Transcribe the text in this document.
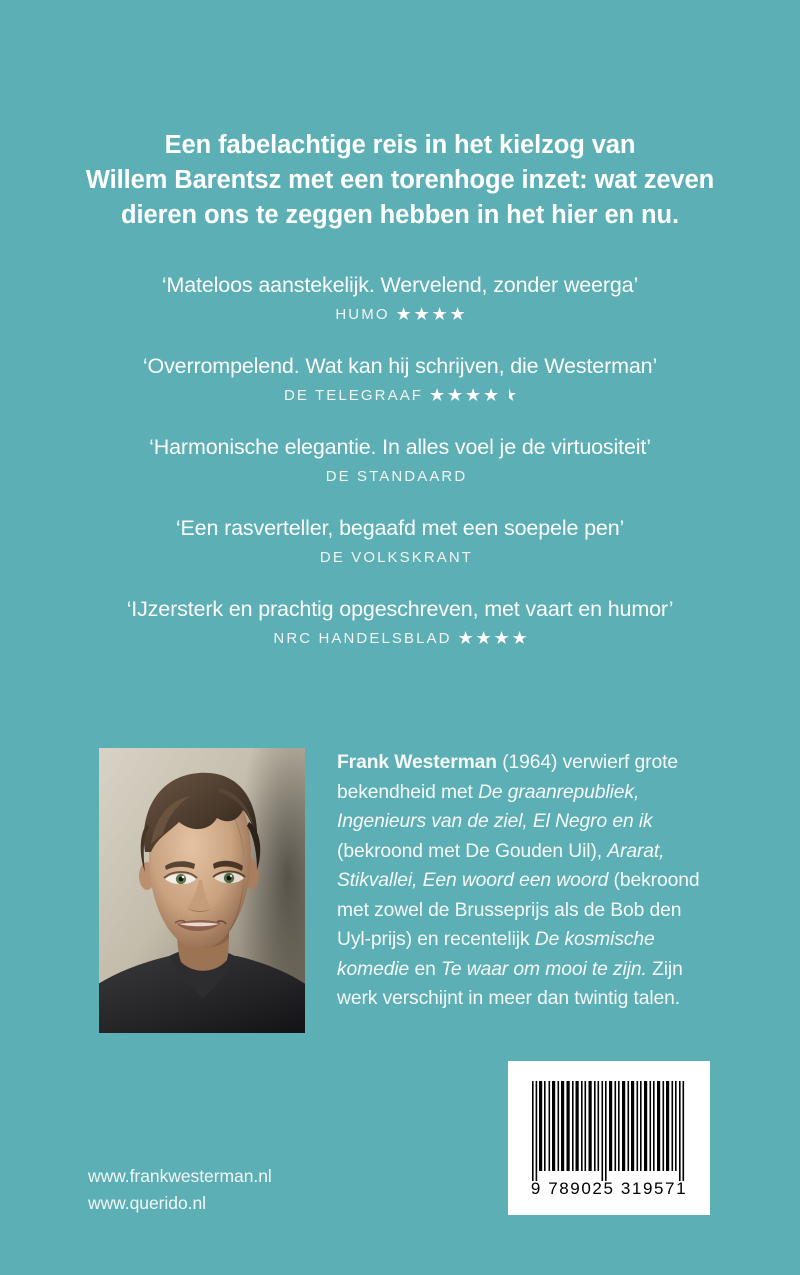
Een fabelachtige reis in het kielzog van
Willem Barentsz met een torenhoge inzet: wat zeven
dieren ons te zeggen hebben in het hier en nu.
‘Mateloos aanstekelijk. Wervelend, zonder weerga’
HUMO
‘Overrompelend. Wat kan hij schrijven, die Westerman’
DE TELEGRAAF
‘Harmonische elegantie. In alles voel je de virtuositeit’
DE STANDAARD
‘Een rasverteller, begaafd met een soepele pen’
DE VOLKSKRANT
‘IJzersterk en prachtig opgeschreven, met vaart en humor’
NRC HANDELSBLAD
Frank Westerman (1964) verwierf grote bekendheid met De graanrepubliek, Ingenieurs van de ziel, El Negro en ik (bekroond met De Gouden Uil), Ararat, Stikvallei, Een woord een woord (bekroond met zowel de Brusseprijs als de Bob den Uyl-prijs) en recentelijk De kosmische komedie en Te waar om mooi te zijn. Zijn werk verschijnt in meer dan twintig talen.
www.frankwesterman.nl
www.querido.nl
9 789025 319571
